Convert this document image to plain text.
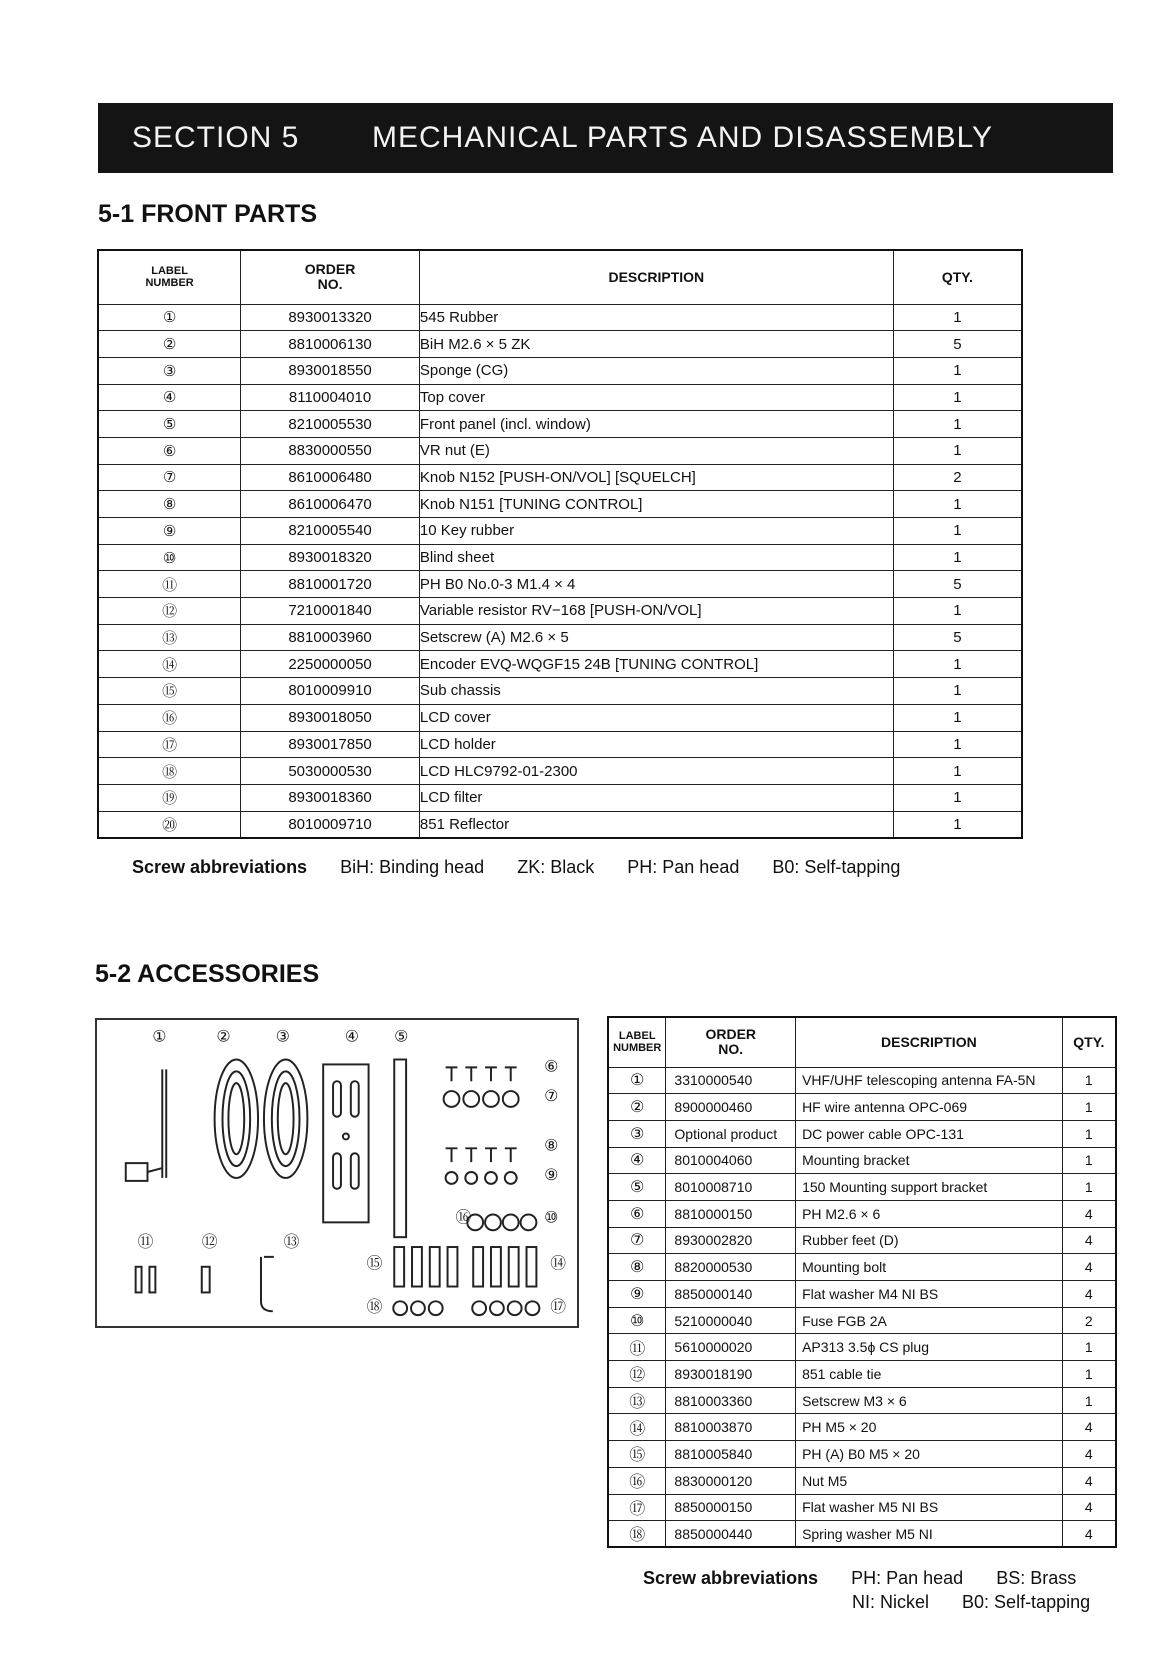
SECTION 5	MECHANICAL PARTS AND DISASSEMBLY
5-1 FRONT PARTS
LABEL
NUMBER	ORDER
NO.	DESCRIPTION	QTY.
①	8930013320	545 Rubber	1
②	8810006130	BiH M2.6 × 5 ZK	5
③	8930018550	Sponge (CG)	1
④	8110004010	Top cover	1
⑤	8210005530	Front panel (incl. window)	1
⑥	8830000550	VR nut (E)	1
⑦	8610006480	Knob N152 [PUSH-ON/VOL] [SQUELCH]	2
⑧	8610006470	Knob N151 [TUNING CONTROL]	1
⑨	8210005540	10 Key rubber	1
⑩	8930018320	Blind sheet	1
⑪	8810001720	PH B0 No.0-3 M1.4 × 4	5
⑫	7210001840	Variable resistor RV−168 [PUSH-ON/VOL]	1
⑬	8810003960	Setscrew (A) M2.6 × 5	5
⑭	2250000050	Encoder EVQ-WQGF15 24B [TUNING CONTROL]	1
⑮	8010009910	Sub chassis	1
⑯	8930018050	LCD cover	1
⑰	8930017850	LCD holder	1
⑱	5030000530	LCD HLC9792-01-2300	1
⑲	8930018360	LCD filter	1
⑳	8010009710	851 Reflector	1
Screw abbreviations BiH: Binding head ZK: Black PH: Pan head B0: Self-tapping
5-2 ACCESSORIES
①	②	③	④ ⑤
⑥
⑦
⑧
⑨
⑩
⑪	⑫	⑬
⑭
⑮
⑯
⑰
⑱
LABEL
NUMBER	ORDER
NO.	DESCRIPTION	QTY.
①	3310000540	VHF/UHF telescoping antenna FA-5N	1
②	8900000460	HF wire antenna OPC-069	1
③	Optional product	DC power cable OPC-131	1
④	8010004060	Mounting bracket	1
⑤	8010008710	150 Mounting support bracket	1
⑥	8810000150	PH M2.6 × 6	4
⑦	8930002820	Rubber feet (D)	4
⑧	8820000530	Mounting bolt	4
⑨	8850000140	Flat washer M4 NI BS	4
⑩	5210000040	Fuse FGB 2A	2
⑪	5610000020	AP313 3.5ϕ CS plug	1
⑫	8930018190	851 cable tie	1
⑬	8810003360	Setscrew M3 × 6	1
⑭	8810003870	PH M5 × 20	4
⑮	8810005840	PH (A) B0 M5 × 20	4
⑯	8830000120	Nut M5	4
⑰	8850000150	Flat washer M5 NI BS	4
⑱	8850000440	Spring washer M5 NI	4
Screw abbreviations PH: Pan head BS: Brass
NI: Nickel B0: Self-tapping
